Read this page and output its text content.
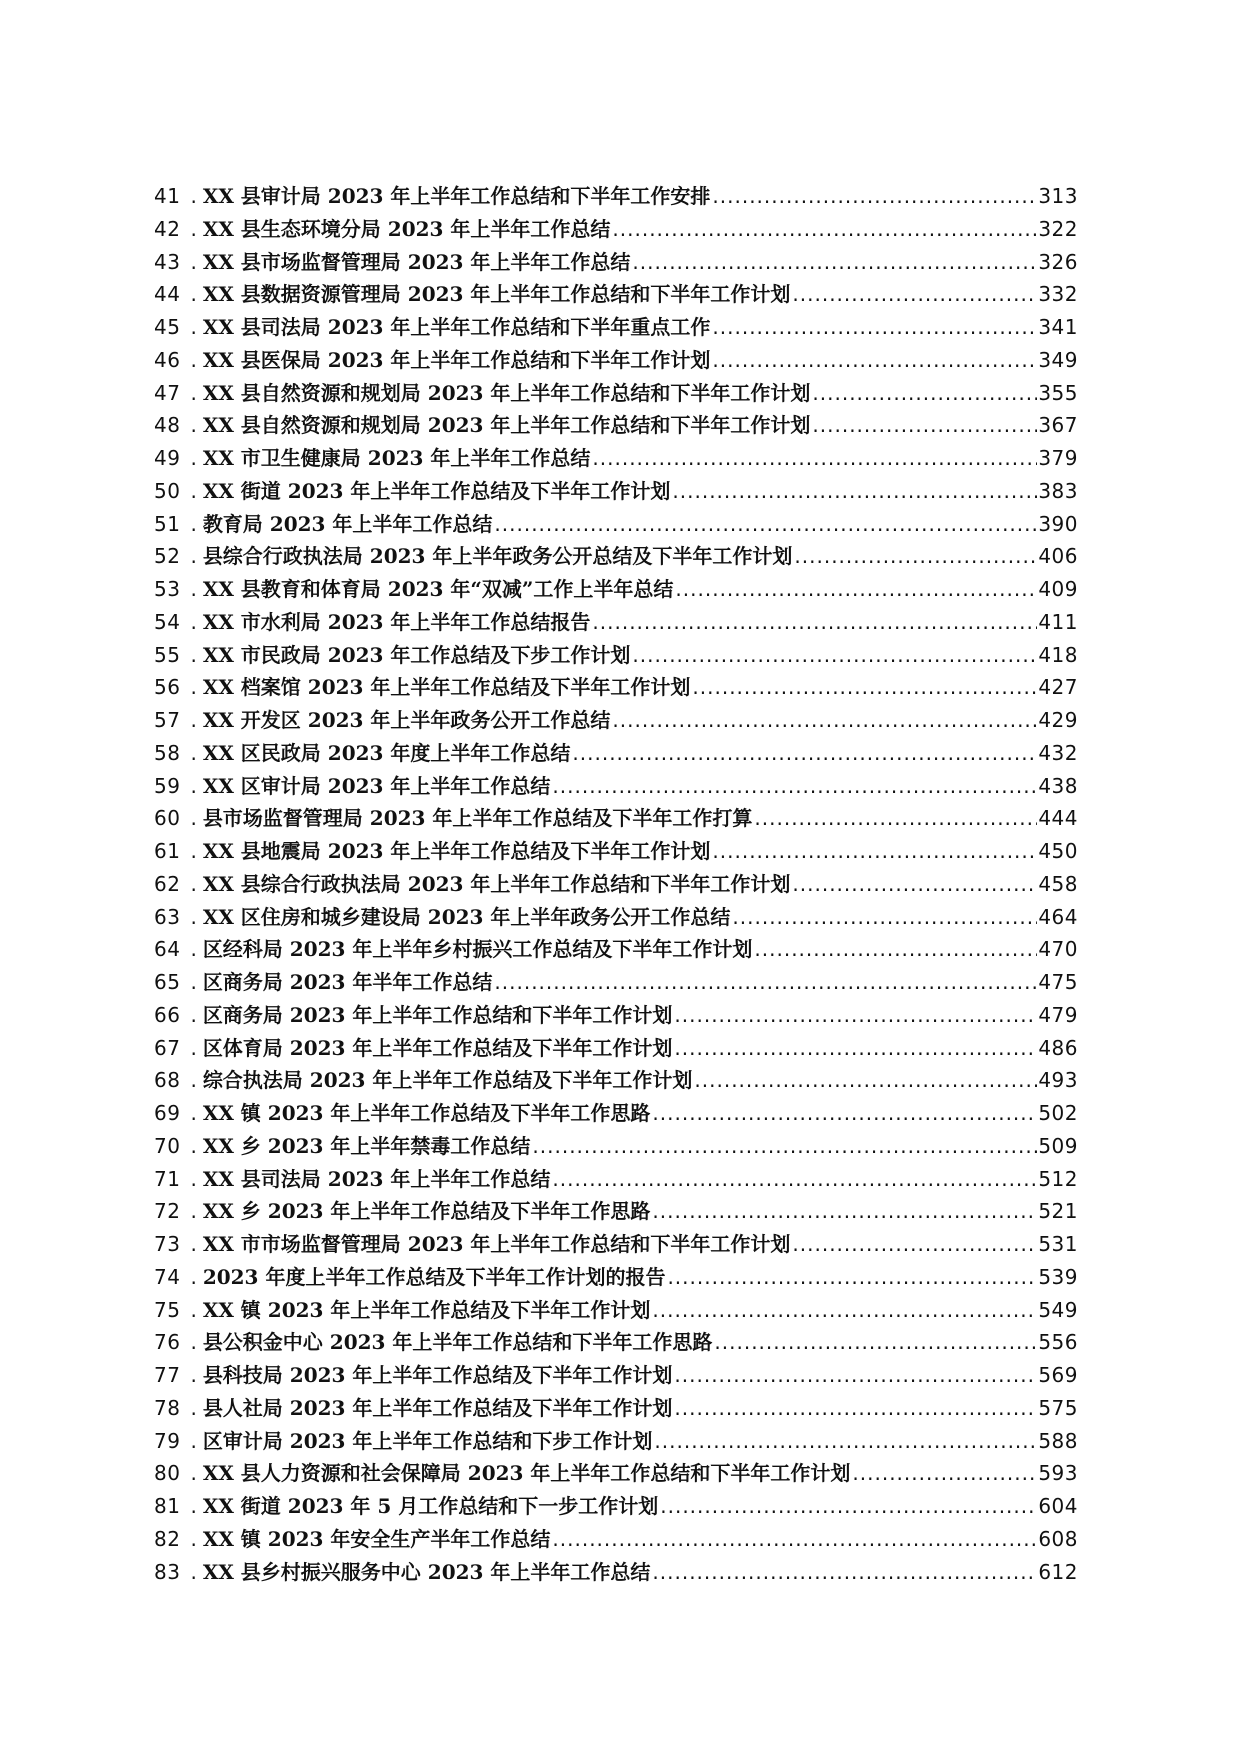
41 . XX 县审计局 2023 年上半年工作总结和下半年工作安排 .....	313
42 . XX 县生态环境分局 2023 年上半年工作总结 .....	322
43 . XX 县市场监督管理局 2023 年上半年工作总结 .....	326
44 . XX 县数据资源管理局 2023 年上半年工作总结和下半年工作计划 .....	332
45 . XX 县司法局 2023 年上半年工作总结和下半年重点工作 .....	341
46 . XX 县医保局 2023 年上半年工作总结和下半年工作计划 .....	349
47 . XX 县自然资源和规划局 2023 年上半年工作总结和下半年工作计划 .....	355
48 . XX 县自然资源和规划局 2023 年上半年工作总结和下半年工作计划 .....	367
49 . XX 市卫生健康局 2023 年上半年工作总结 .....	379
50 . XX 街道 2023 年上半年工作总结及下半年工作计划 .....	383
51 . 教育局 2023 年上半年工作总结 .....	390
52 . 县综合行政执法局 2023 年上半年政务公开总结及下半年工作计划 .....	406
53 . XX 县教育和体育局 2023 年“双减”工作上半年总结 .....	409
54 . XX 市水利局 2023 年上半年工作总结报告 .....	411
55 . XX 市民政局 2023 年工作总结及下步工作计划 .....	418
56 . XX 档案馆 2023 年上半年工作总结及下半年工作计划 .....	427
57 . XX 开发区 2023 年上半年政务公开工作总结 .....	429
58 . XX 区民政局 2023 年度上半年工作总结 .....	432
59 . XX 区审计局 2023 年上半年工作总结 .....	438
60 . 县市场监督管理局 2023 年上半年工作总结及下半年工作打算 .....	444
61 . XX 县地震局 2023 年上半年工作总结及下半年工作计划 .....	450
62 . XX 县综合行政执法局 2023 年上半年工作总结和下半年工作计划 .....	458
63 . XX 区住房和城乡建设局 2023 年上半年政务公开工作总结 .....	464
64 . 区经科局 2023 年上半年乡村振兴工作总结及下半年工作计划 .....	470
65 . 区商务局 2023 年半年工作总结 .....	475
66 . 区商务局 2023 年上半年工作总结和下半年工作计划 .....	479
67 . 区体育局 2023 年上半年工作总结及下半年工作计划 .....	486
68 . 综合执法局 2023 年上半年工作总结及下半年工作计划 .....	493
69 . XX 镇 2023 年上半年工作总结及下半年工作思路 .....	502
70 . XX 乡 2023 年上半年禁毒工作总结 .....	509
71 . XX 县司法局 2023 年上半年工作总结 .....	512
72 . XX 乡 2023 年上半年工作总结及下半年工作思路 .....	521
73 . XX 市市场监督管理局 2023 年上半年工作总结和下半年工作计划 .....	531
74 . 2023 年度上半年工作总结及下半年工作计划的报告 .....	539
75 . XX 镇 2023 年上半年工作总结及下半年工作计划 .....	549
76 . 县公积金中心 2023 年上半年工作总结和下半年工作思路 .....	556
77 . 县科技局 2023 年上半年工作总结及下半年工作计划 .....	569
78 . 县人社局 2023 年上半年工作总结及下半年工作计划 .....	575
79 . 区审计局 2023 年上半年工作总结和下步工作计划 .....	588
80 . XX 县人力资源和社会保障局 2023 年上半年工作总结和下半年工作计划 .....	593
81 . XX 街道 2023 年 5 月工作总结和下一步工作计划 .....	604
82 . XX 镇 2023 年安全生产半年工作总结 .....	608
83 . XX 县乡村振兴服务中心 2023 年上半年工作总结 .....	612
